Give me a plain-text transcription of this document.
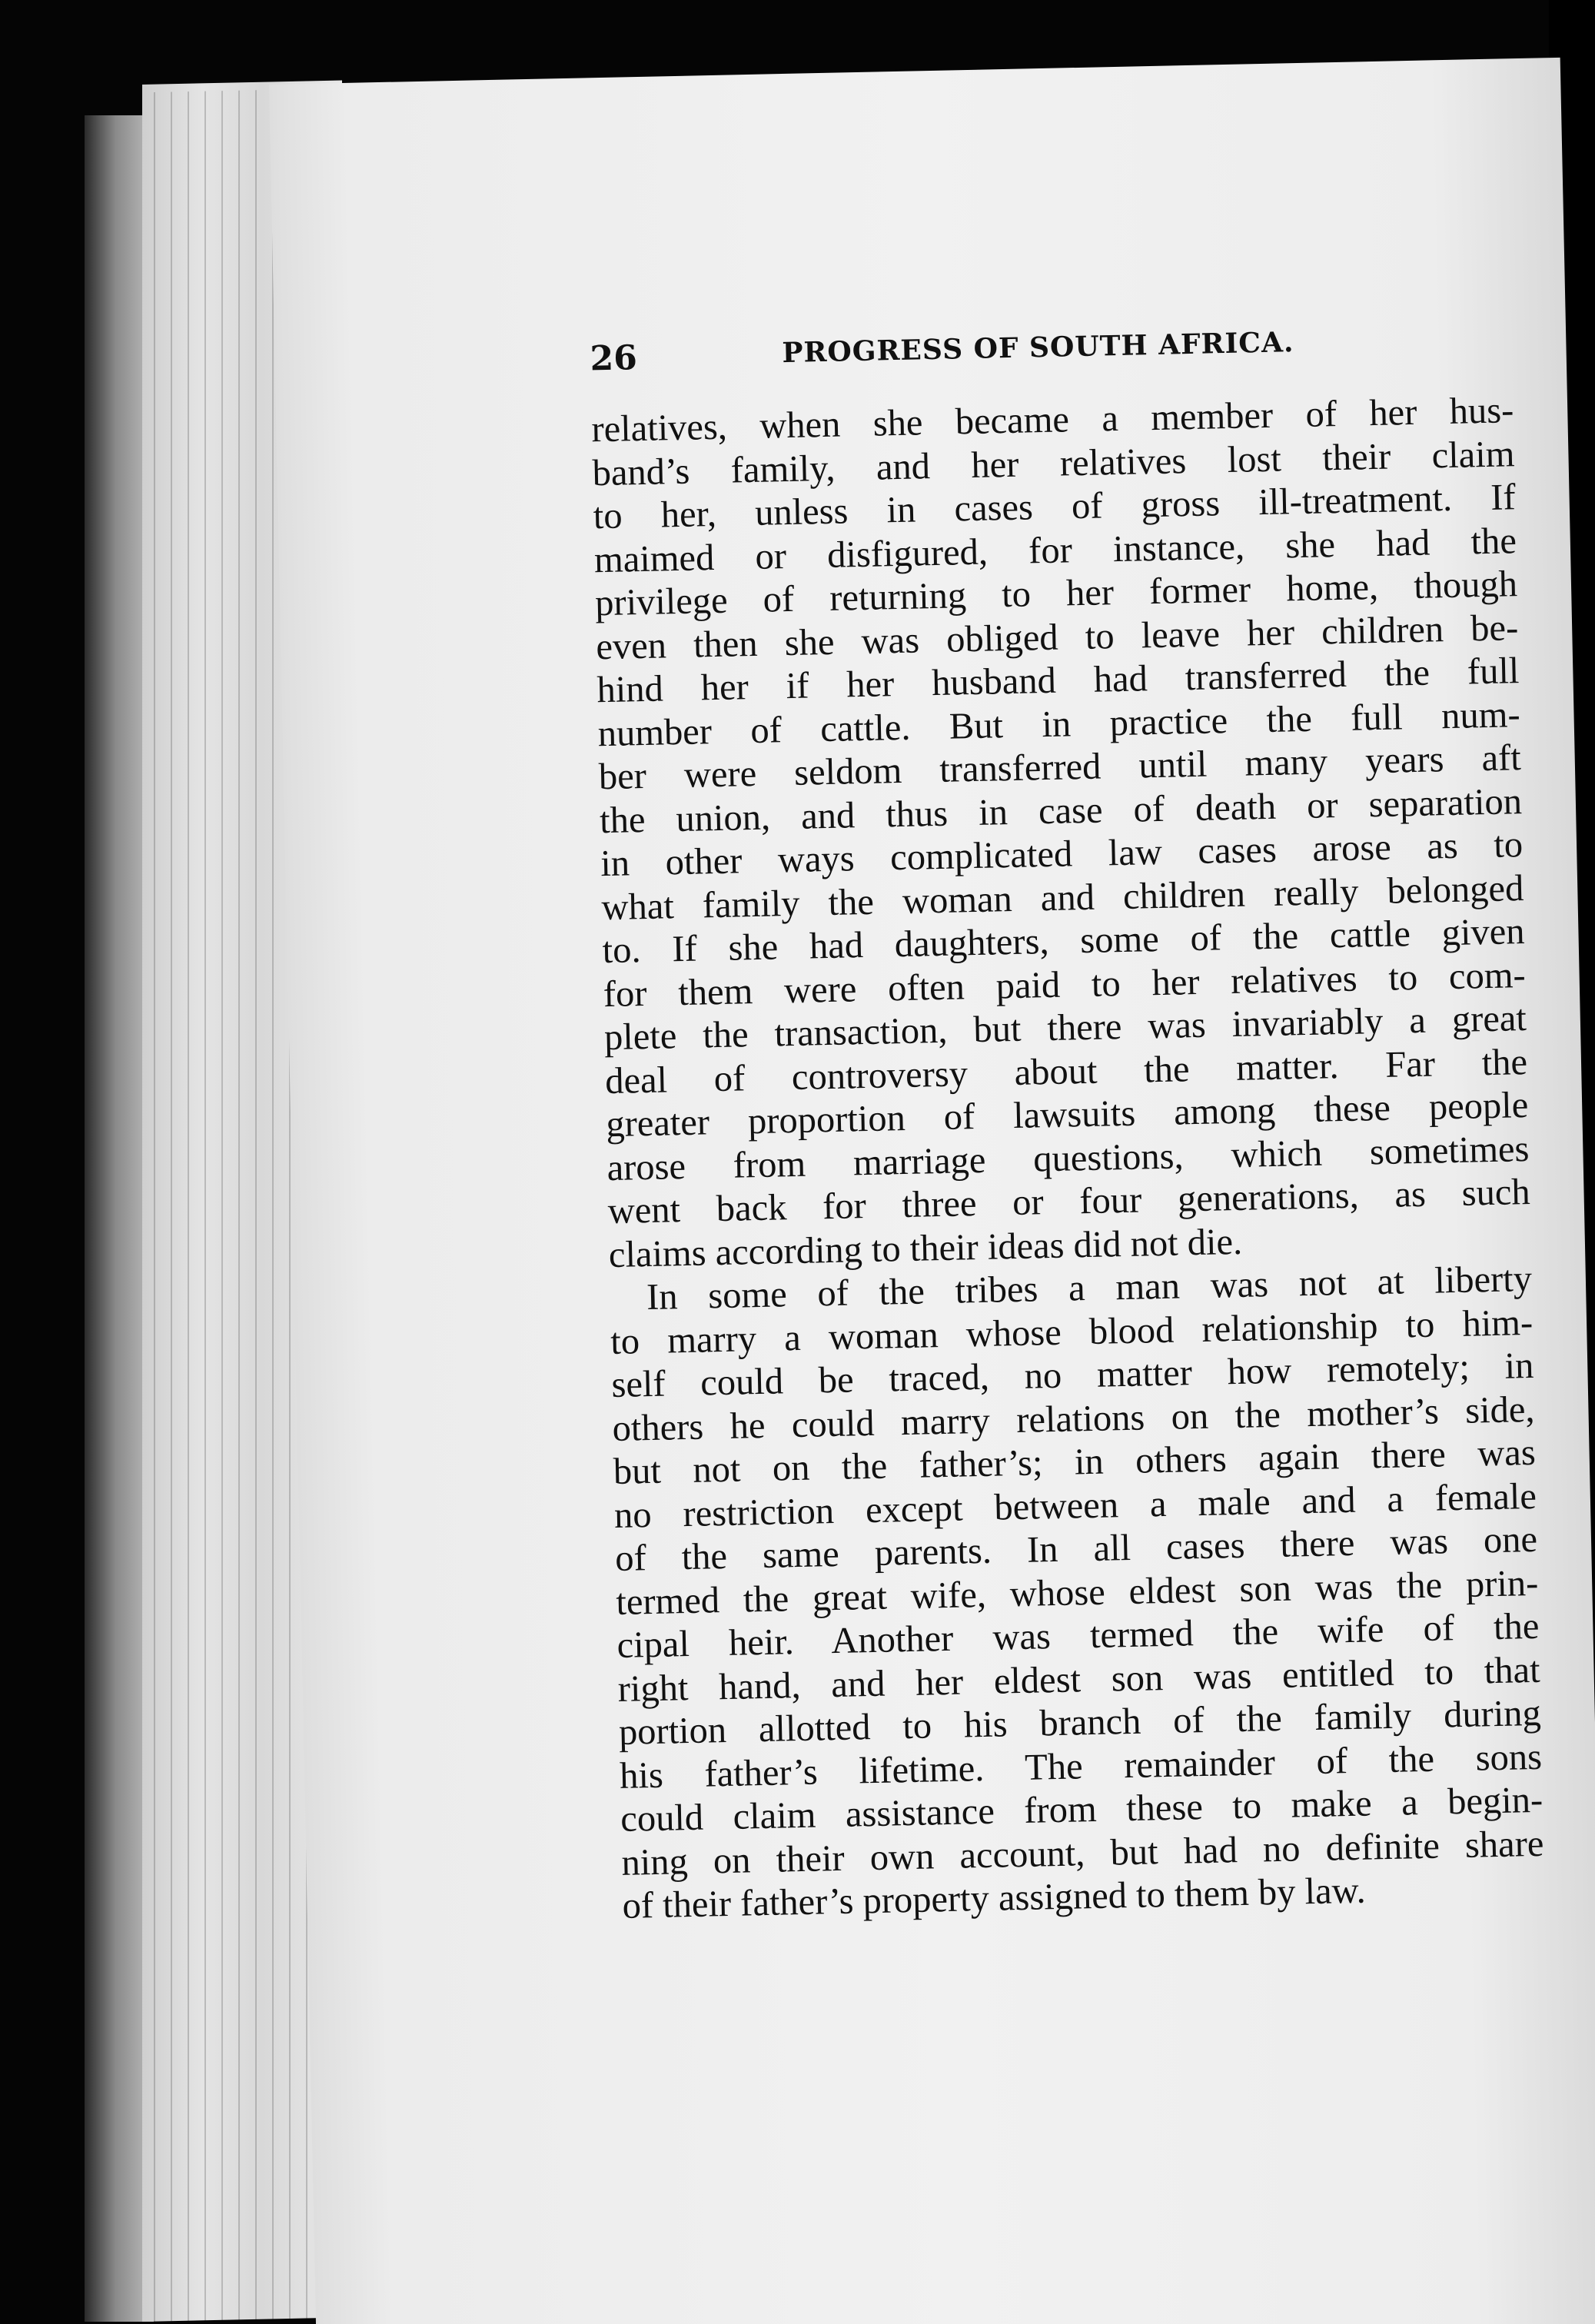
26	PROGRESS OF SOUTH AFRICA.

relatives, when she became a member of her hus-
band’s family, and her relatives lost their claim
to her, unless in cases of gross ill-treatment. If
maimed or disfigured, for instance, she had the
privilege of returning to her former home, though
even then she was obliged to leave her children be-
hind her if her husband had transferred the full
number of cattle. But in practice the full num-
ber were seldom transferred until many years aft
the union, and thus in case of death or separation
in other ways complicated law cases arose as to
what family the woman and children really belonged
to. If she had daughters, some of the cattle given
for them were often paid to her relatives to com-
plete the transaction, but there was invariably a great
deal of controversy about the matter. Far the
greater proportion of lawsuits among these people
arose from marriage questions, which sometimes
went back for three or four generations, as such
claims according to their ideas did not die.

In some of the tribes a man was not at liberty
to marry a woman whose blood relationship to him-
self could be traced, no matter how remotely; in
others he could marry relations on the mother’s side,
but not on the father’s; in others again there was
no restriction except between a male and a female
of the same parents. In all cases there was one
termed the great wife, whose eldest son was the prin-
cipal heir. Another was termed the wife of the
right hand, and her eldest son was entitled to that
portion allotted to his branch of the family during
his father’s lifetime. The remainder of the sons
could claim assistance from these to make a begin-
ning on their own account, but had no definite share
of their father’s property assigned to them by law.
